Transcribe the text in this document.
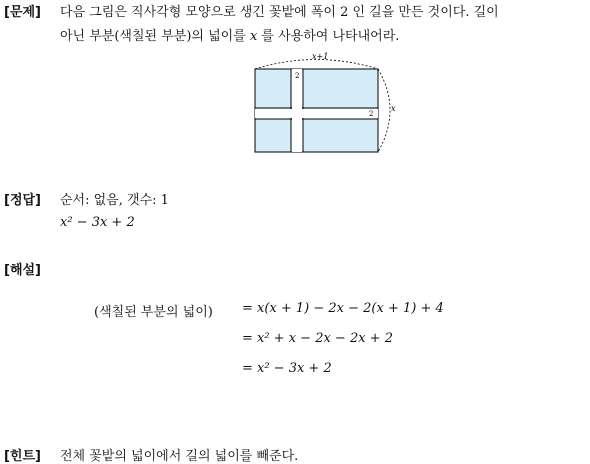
[문제] 다음 그림은 직사각형 모양으로 생긴 꽃밭에 폭이 2 인 길을 만든 것이다. 길이
아닌 부분(색칠된 부분)의 넓이를 x 를 사용하여 나타내어라.
x+1
x
2
2
[정답] 순서: 없음, 갯수: 1
x² − 3x + 2
[해설]
(색칠된 부분의 넓이) = x(x + 1) − 2x − 2(x + 1) + 4
= x² + x − 2x − 2x + 2
= x² − 3x + 2
[힌트] 전체 꽃밭의 넓이에서 길의 넓이를 빼준다.
